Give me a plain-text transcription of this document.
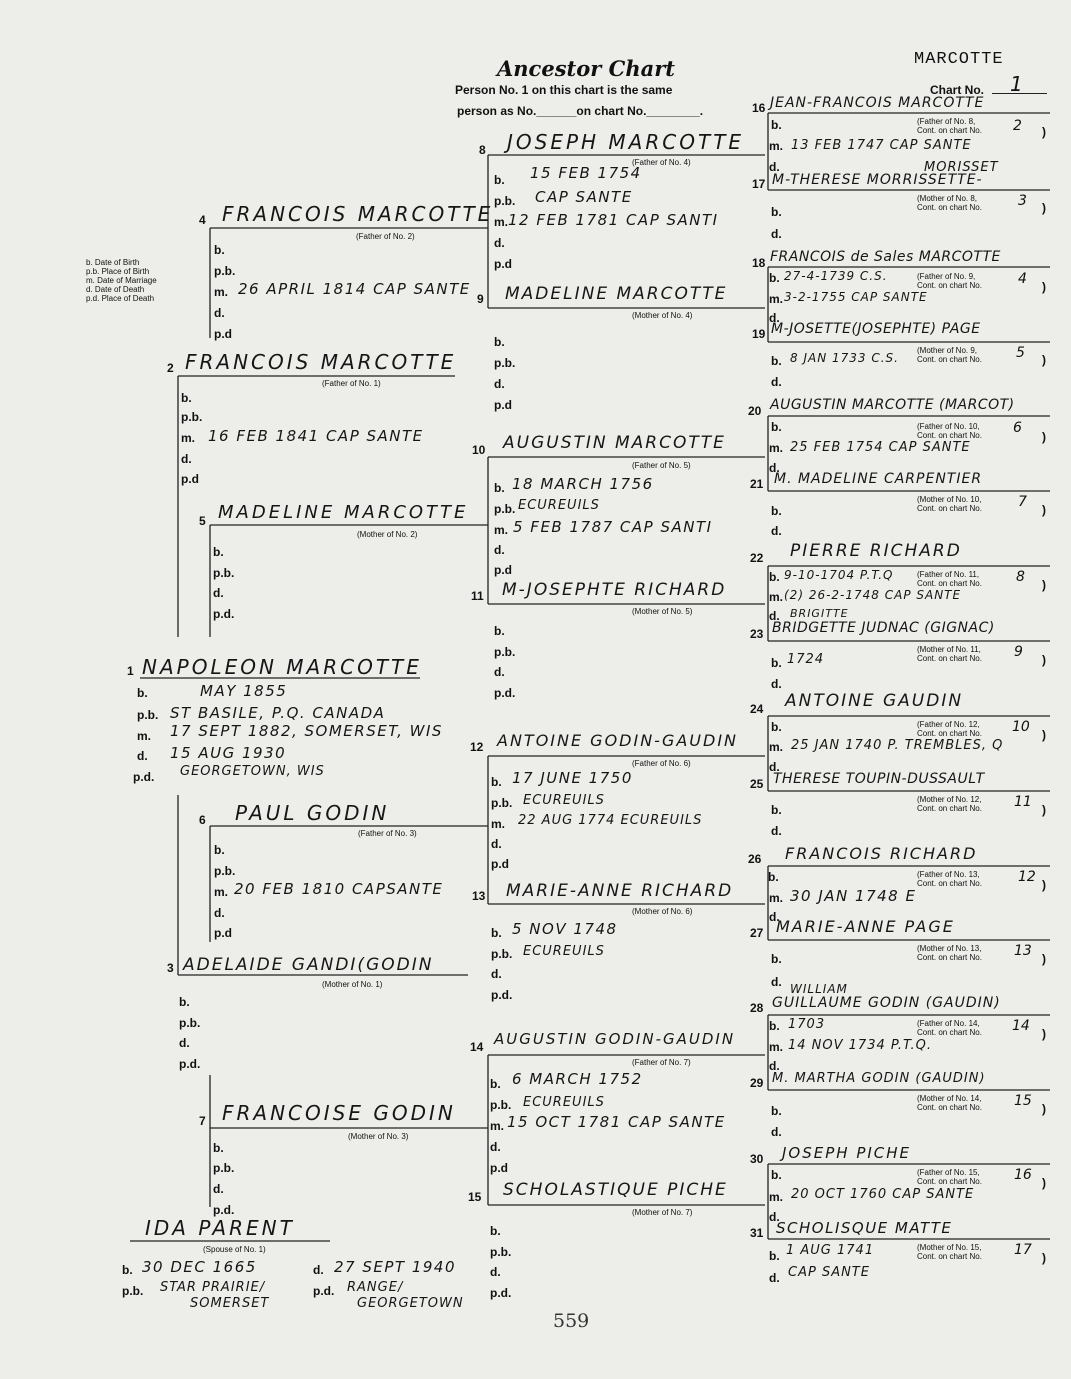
Ancestor Chart	MARCOTTE
Person No. 1 on this chart is the same
person as No.______on chart No.________.
Chart No. 1
b. Date of Birth
p.b. Place of Birth
m. Date of Marriage
d. Date of Death
p.d. Place of Death
1 NAPOLEON MARCOTTE
b.	MAY 1855
p.b. ST BASILE, P.Q. CANADA
m. 17 SEPT 1882, SOMERSET, WIS
d. 15 AUG 1930
p.d. GEORGETOWN, WIS
2 FRANCOIS MARCOTTE
(Father of No. 1)
b.
p.b.
m. 16 FEB 1841 CAP SANTE
d.
p.d
3 ADELAIDE GANDI(GODIN
(Mother of No. 1)
b.
p.b.
d.
p.d.
4 FRANCOIS MARCOTTE
(Father of No. 2)
b.
p.b.
m. 26 APRIL 1814 CAP SANTE
d.
p.d
5 MADELINE MARCOTTE
(Mother of No. 2)
b.
p.b.
d.
p.d.
6 PAUL GODIN
(Father of No. 3)
b.
p.b.
m. 20 FEB 1810 CAPSANTE
d.
p.d
7 FRANCOISE GODIN
(Mother of No. 3)
b.
p.b.
d.
p.d.
IDA PARENT
(Spouse of No. 1)
b. 30 DEC 1665	d. 27 SEPT 1940
p.b. STAR PRAIRIE/
SOMERSET
p.d. RANGE/
GEORGETOWN
8 JOSEPH MARCOTTE
(Father of No. 4)
b. 15 FEB 1754
p.b. CAP SANTE
m. 12 FEB 1781 CAP SANTI
d.
p.d
9 MADELINE MARCOTTE
(Mother of No. 4)
b.
p.b.
d.
p.d
10 AUGUSTIN MARCOTTE
(Father of No. 5)
b. 18 MARCH 1756
p.b. ECUREUILS
m. 5 FEB 1787 CAP SANTI
d.
p.d
11 M-JOSEPHTE RICHARD
(Mother of No. 5)
b.
p.b.
d.
p.d.
12 ANTOINE GODIN-GAUDIN
(Father of No. 6)
b. 17 JUNE 1750
p.b. ECUREUILS
m. 22 AUG 1774 ECUREUILS
d.
p.d
13 MARIE-ANNE RICHARD
(Mother of No. 6)
b. 5 NOV 1748
p.b. ECUREUILS
d.
p.d.
14 AUGUSTIN GODIN-GAUDIN
(Father of No. 7)
b. 6 MARCH 1752
p.b. ECUREUILS
m. 15 OCT 1781 CAP SANTE
d.
p.d
15 SCHOLASTIQUE PICHE
(Mother of No. 7)
b.
p.b.
d.
p.d.
16 JEAN-FRANCOIS MARCOTTE
b.	(Father of No. 8,
Cont. on chart No. 2 )
m. 13 FEB 1747 CAP SANTE
d.	MORISSET
17 M-THERESE MORRISSETTE-
b.
(Mother of No. 8,
Cont. on chart No.	3 )
d.
18 FRANCOIS de Sales MARCOTTE
b. 27-4-1739 C.S.	(Father of No. 9,
Cont. on chart No.	4 )
m. 3-2-1755 CAP SANTE
d.
19 M-JOSETTE(JOSEPHTE) PAGE
b. 8 JAN 1733 C.S.
(Mother of No. 9,
Cont. on chart No. 5 )
d.
20 AUGUSTIN MARCOTTE (MARCOT)
b.	(Father of No. 10,
Cont. on chart No. 6
)
m. 25 FEB 1754 CAP SANTE
d.
21 M. MADELINE CARPENTIER
b.
(Mother of No. 10,
Cont. on chart No.	7 )
d.
22 PIERRE RICHARD
b. 9-10-1704 P.T.Q	(Father of No. 11,
Cont. on chart No. 8 )
m. (2) 26-2-1748 CAP SANTE
d. BRIGITTE
23 BRIDGETTE JUDNAC (GIGNAC)
b. 1724
(Mother of No. 11,
Cont. on chart No. 9 )
d.
24 ANTOINE GAUDIN
b.	(Father of No. 12,
Cont. on chart No. 10 )
m. 25 JAN 1740 P. TREMBLES, Q
d.
25 THERESE TOUPIN-DUSSAULT
b.
(Mother of No. 12,
Cont. on chart No. 11 )
d.
26 FRANCOIS RICHARD
b.	(Father of No. 13,
Cont. on chart No.	12 )
m. 30 JAN 1748 E
d.
27 MARIE-ANNE PAGE
(Mother of No. 13,
Cont. on chart No. 13 )
b.
d. WILLIAM
28 GUILLAUME GODIN (GAUDIN)
b. 1703	(Father of No. 14,
Cont. on chart No. 14 )
m. 14 NOV 1734 P.T.Q.
d.
29 M. MARTHA GODIN (GAUDIN)
b.
(Mother of No. 14,
Cont. on chart No. 15 )
d.
30 JOSEPH PICHE
b.	(Father of No. 15,
Cont. on chart No. 16 )
m. 20 OCT 1760 CAP SANTE
d.
31 SCHOLISQUE MATTE
b. 1 AUG 1741	(Mother of No. 15,
Cont. on chart No. 17 )
d. CAP SANTE
559
